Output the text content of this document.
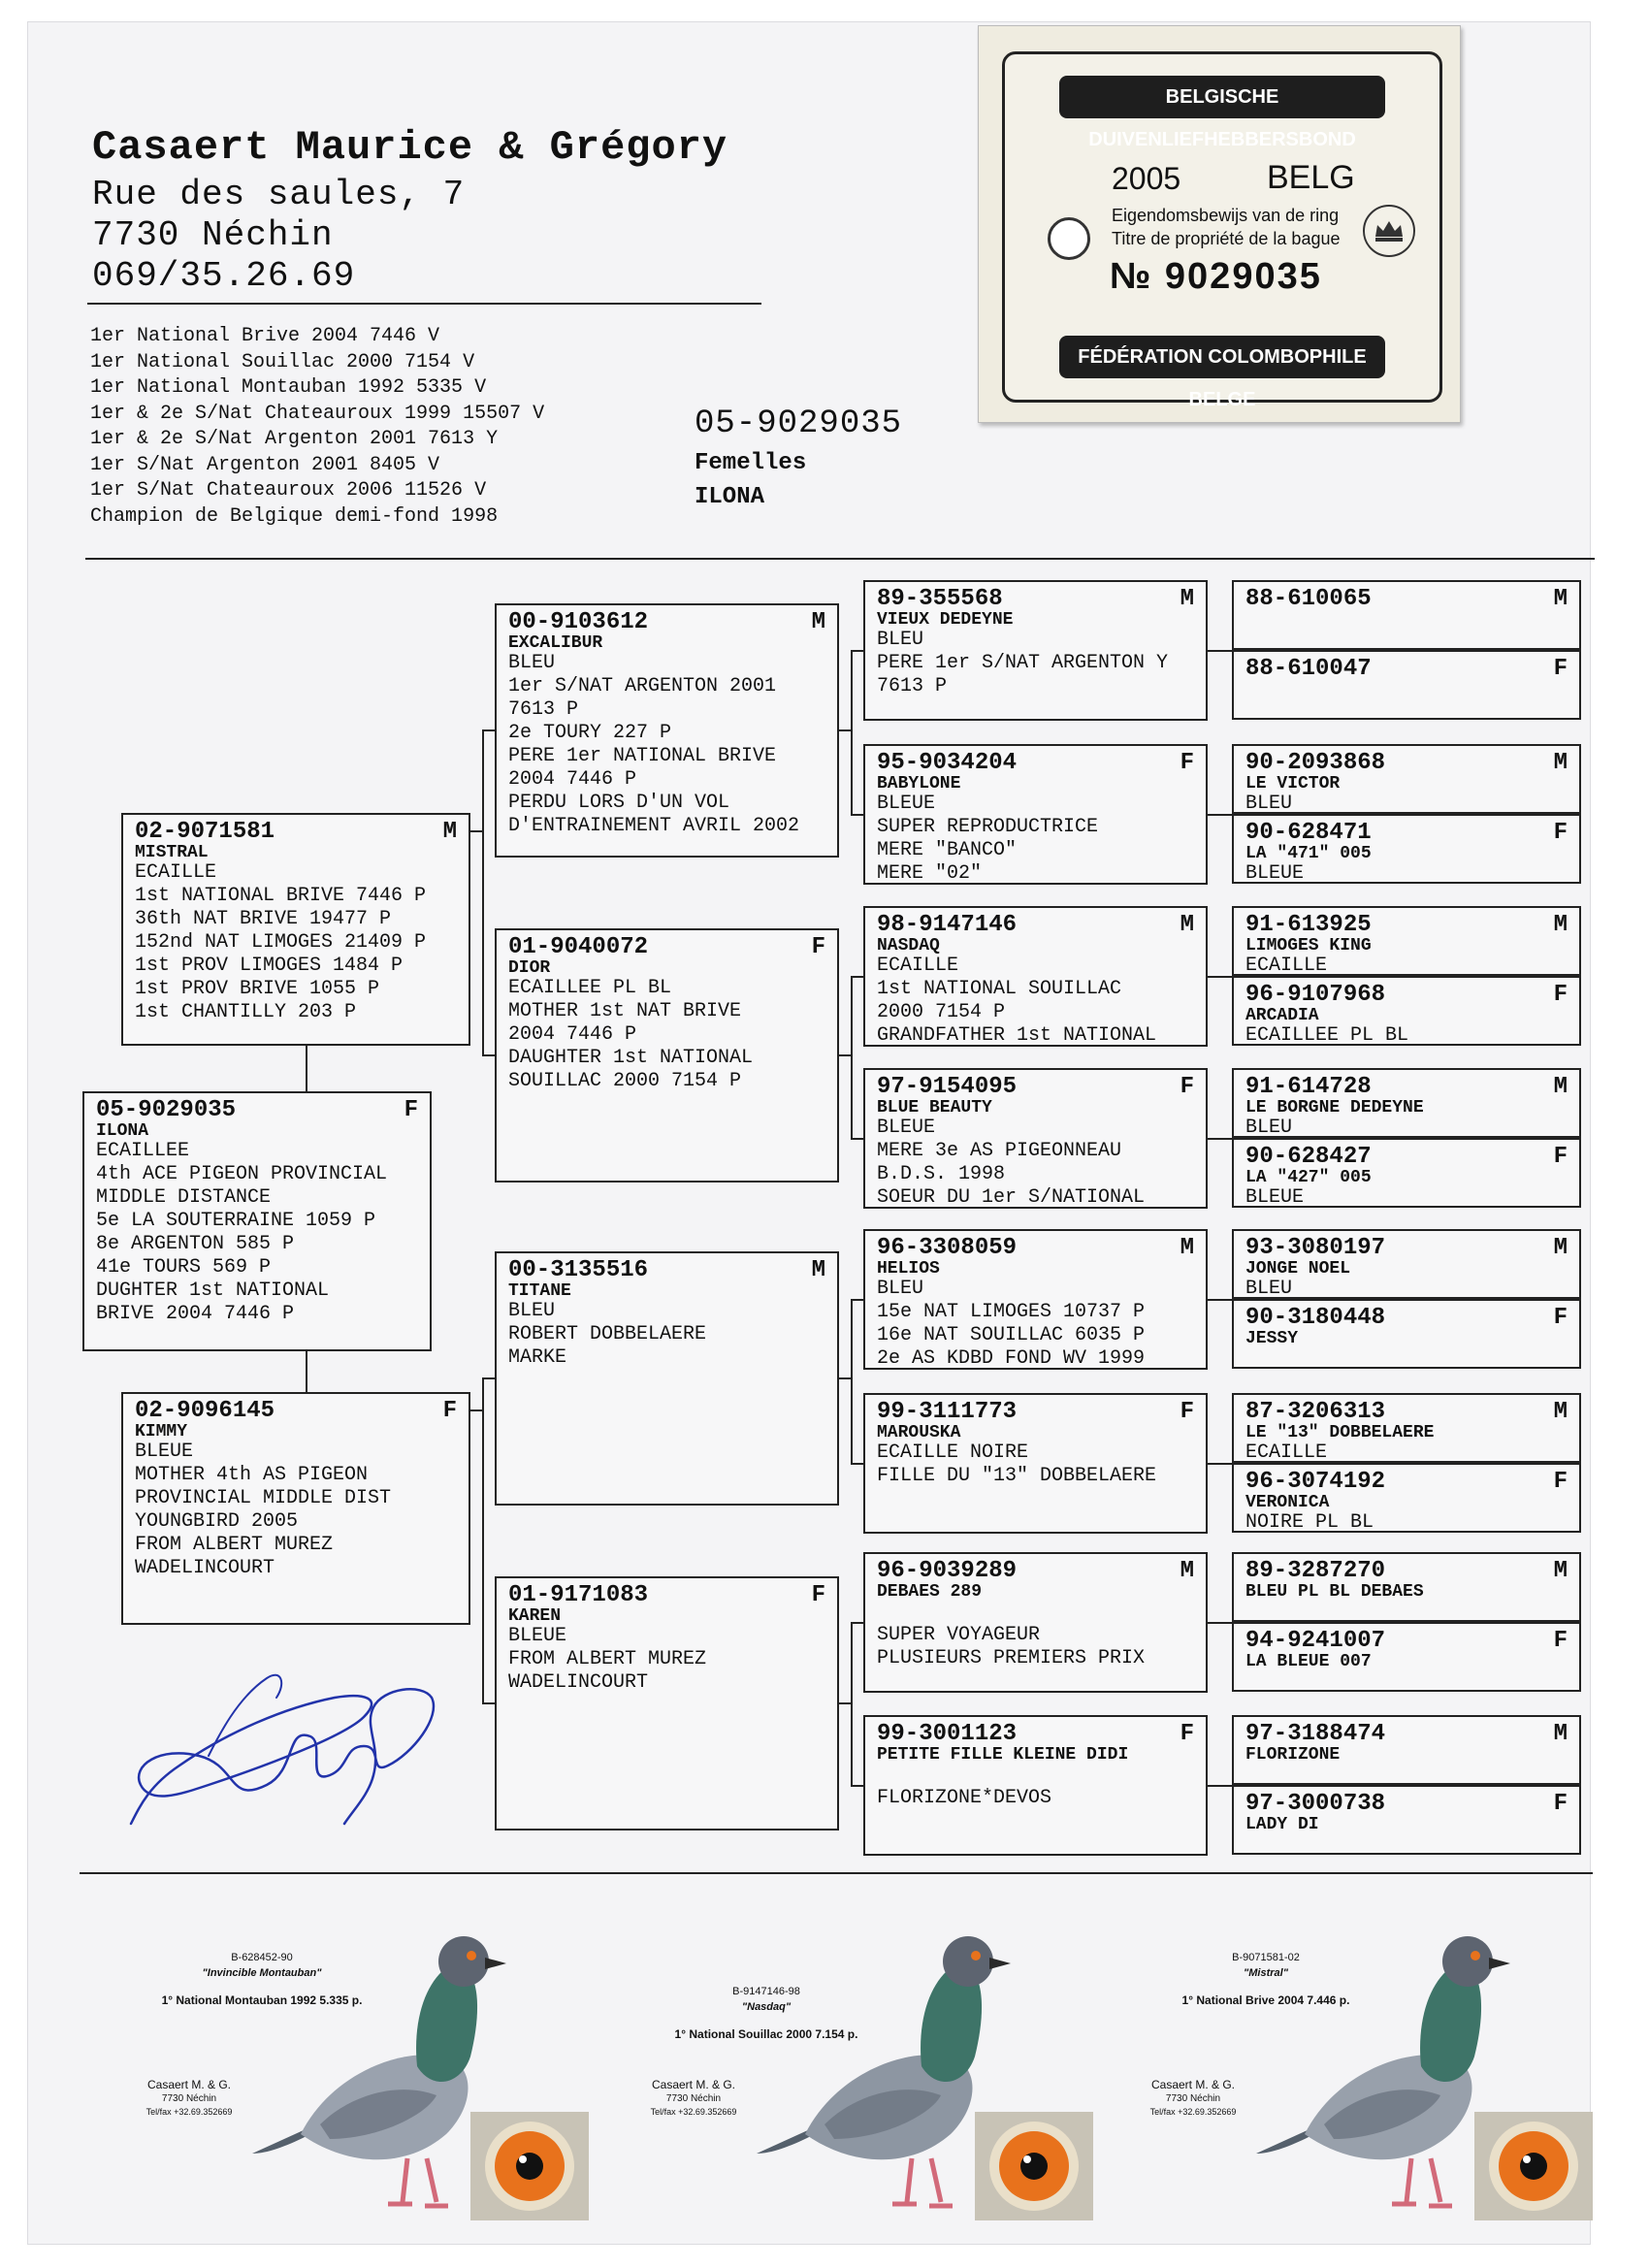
Casaert Maurice & Grégory
Rue des saules, 7
7730 Néchin
069/35.26.69
1er National Brive 2004 7446 V
1er National Souillac 2000 7154 V
1er National Montauban 1992 5335 V
1er & 2e S/Nat Chateauroux 1999 15507 V
1er & 2e S/Nat Argenton 2001 7613 Y
1er S/Nat Argenton 2001 8405 V
1er S/Nat Chateauroux 2006 11526 V
Champion de Belgique demi-fond 1998
05-9029035
Femelles
ILONA
BELGISCHE DUIVENLIEFHEBBERSBOND
2005	BELG
Eigendomsbewijs van de ring
Titre de propriété de la bague
№ 9029035
FÉDÉRATION COLOMBOPHILE BELGE
05-9029035	F
ILONA
ECAILLEE
4th ACE PIGEON PROVINCIAL
MIDDLE DISTANCE
5e LA SOUTERRAINE 1059 P
8e ARGENTON 585 P
41e TOURS 569 P
DUGHTER 1st NATIONAL
BRIVE 2004 7446 P
02-9071581	M
MISTRAL
ECAILLE
1st NATIONAL BRIVE 7446 P
36th NAT BRIVE 19477 P
152nd NAT LIMOGES 21409 P
1st PROV LIMOGES 1484 P
1st PROV BRIVE 1055 P
1st CHANTILLY 203 P
02-9096145	F
KIMMY
BLEUE
MOTHER 4th AS PIGEON
PROVINCIAL MIDDLE DIST
YOUNGBIRD 2005
FROM ALBERT MUREZ
WADELINCOURT
00-9103612	M
EXCALIBUR
BLEU
1er S/NAT ARGENTON 2001
7613 P
2e TOURY 227 P
PERE 1er NATIONAL BRIVE
2004 7446 P
PERDU LORS D'UN VOL
D'ENTRAINEMENT AVRIL 2002
01-9040072	F
DIOR
ECAILLEE PL BL
MOTHER 1st NAT BRIVE
2004 7446 P
DAUGHTER 1st NATIONAL
SOUILLAC 2000 7154 P
00-3135516	M
TITANE
BLEU
ROBERT DOBBELAERE
MARKE
01-9171083	F
KAREN
BLEUE
FROM ALBERT MUREZ
WADELINCOURT
89-355568	M
VIEUX DEDEYNE
BLEU
PERE 1er S/NAT ARGENTON Y
7613 P
95-9034204	F
BABYLONE
BLEUE
SUPER REPRODUCTRICE
MERE "BANCO"
MERE "02"
98-9147146	M
NASDAQ
ECAILLE
1st NATIONAL SOUILLAC
2000 7154 P
GRANDFATHER 1st NATIONAL
97-9154095	F
BLUE BEAUTY
BLEUE
MERE 3e AS PIGEONNEAU
B.D.S. 1998
SOEUR DU 1er S/NATIONAL
96-3308059	M
HELIOS
BLEU
15e NAT LIMOGES 10737 P
16e NAT SOUILLAC 6035 P
2e AS KDBD FOND WV 1999
99-3111773	F
MAROUSKA
ECAILLE NOIRE
FILLE DU "13" DOBBELAERE
96-9039289	M
DEBAES 289

SUPER VOYAGEUR
PLUSIEURS PREMIERS PRIX
99-3001123	F
PETITE FILLE KLEINE DIDI

FLORIZONE*DEVOS
88-610065	M
88-610047	F
90-2093868	M
LE VICTOR
BLEU
90-628471	F
LA "471" 005
BLEUE
91-613925	M
LIMOGES KING
ECAILLE
96-9107968	F
ARCADIA
ECAILLEE PL BL
91-614728	M
LE BORGNE DEDEYNE
BLEU
90-628427	F
LA "427" 005
BLEUE
93-3080197	M
JONGE NOEL
BLEU
90-3180448	F
JESSY
87-3206313	M
LE "13" DOBBELAERE
ECAILLE
96-3074192	F
VERONICA
NOIRE PL BL
89-3287270	M
BLEU PL BL DEBAES
94-9241007	F
LA BLEUE 007
97-3188474	M
FLORIZONE
97-3000738	F
LADY DI
B-628452-90
"Invincible Montauban"
1° National Montauban 1992 5.335 p.
Casaert M. & G.
7730 Néchin
Tel/fax +32.69.352669
B-9147146-98
"Nasdaq"
1° National Souillac 2000 7.154 p.
Casaert M. & G.
7730 Néchin
Tel/fax +32.69.352669
B-9071581-02
"Mistral"
1° National Brive 2004 7.446 p.
Casaert M. & G.
7730 Néchin
Tel/fax +32.69.352669
